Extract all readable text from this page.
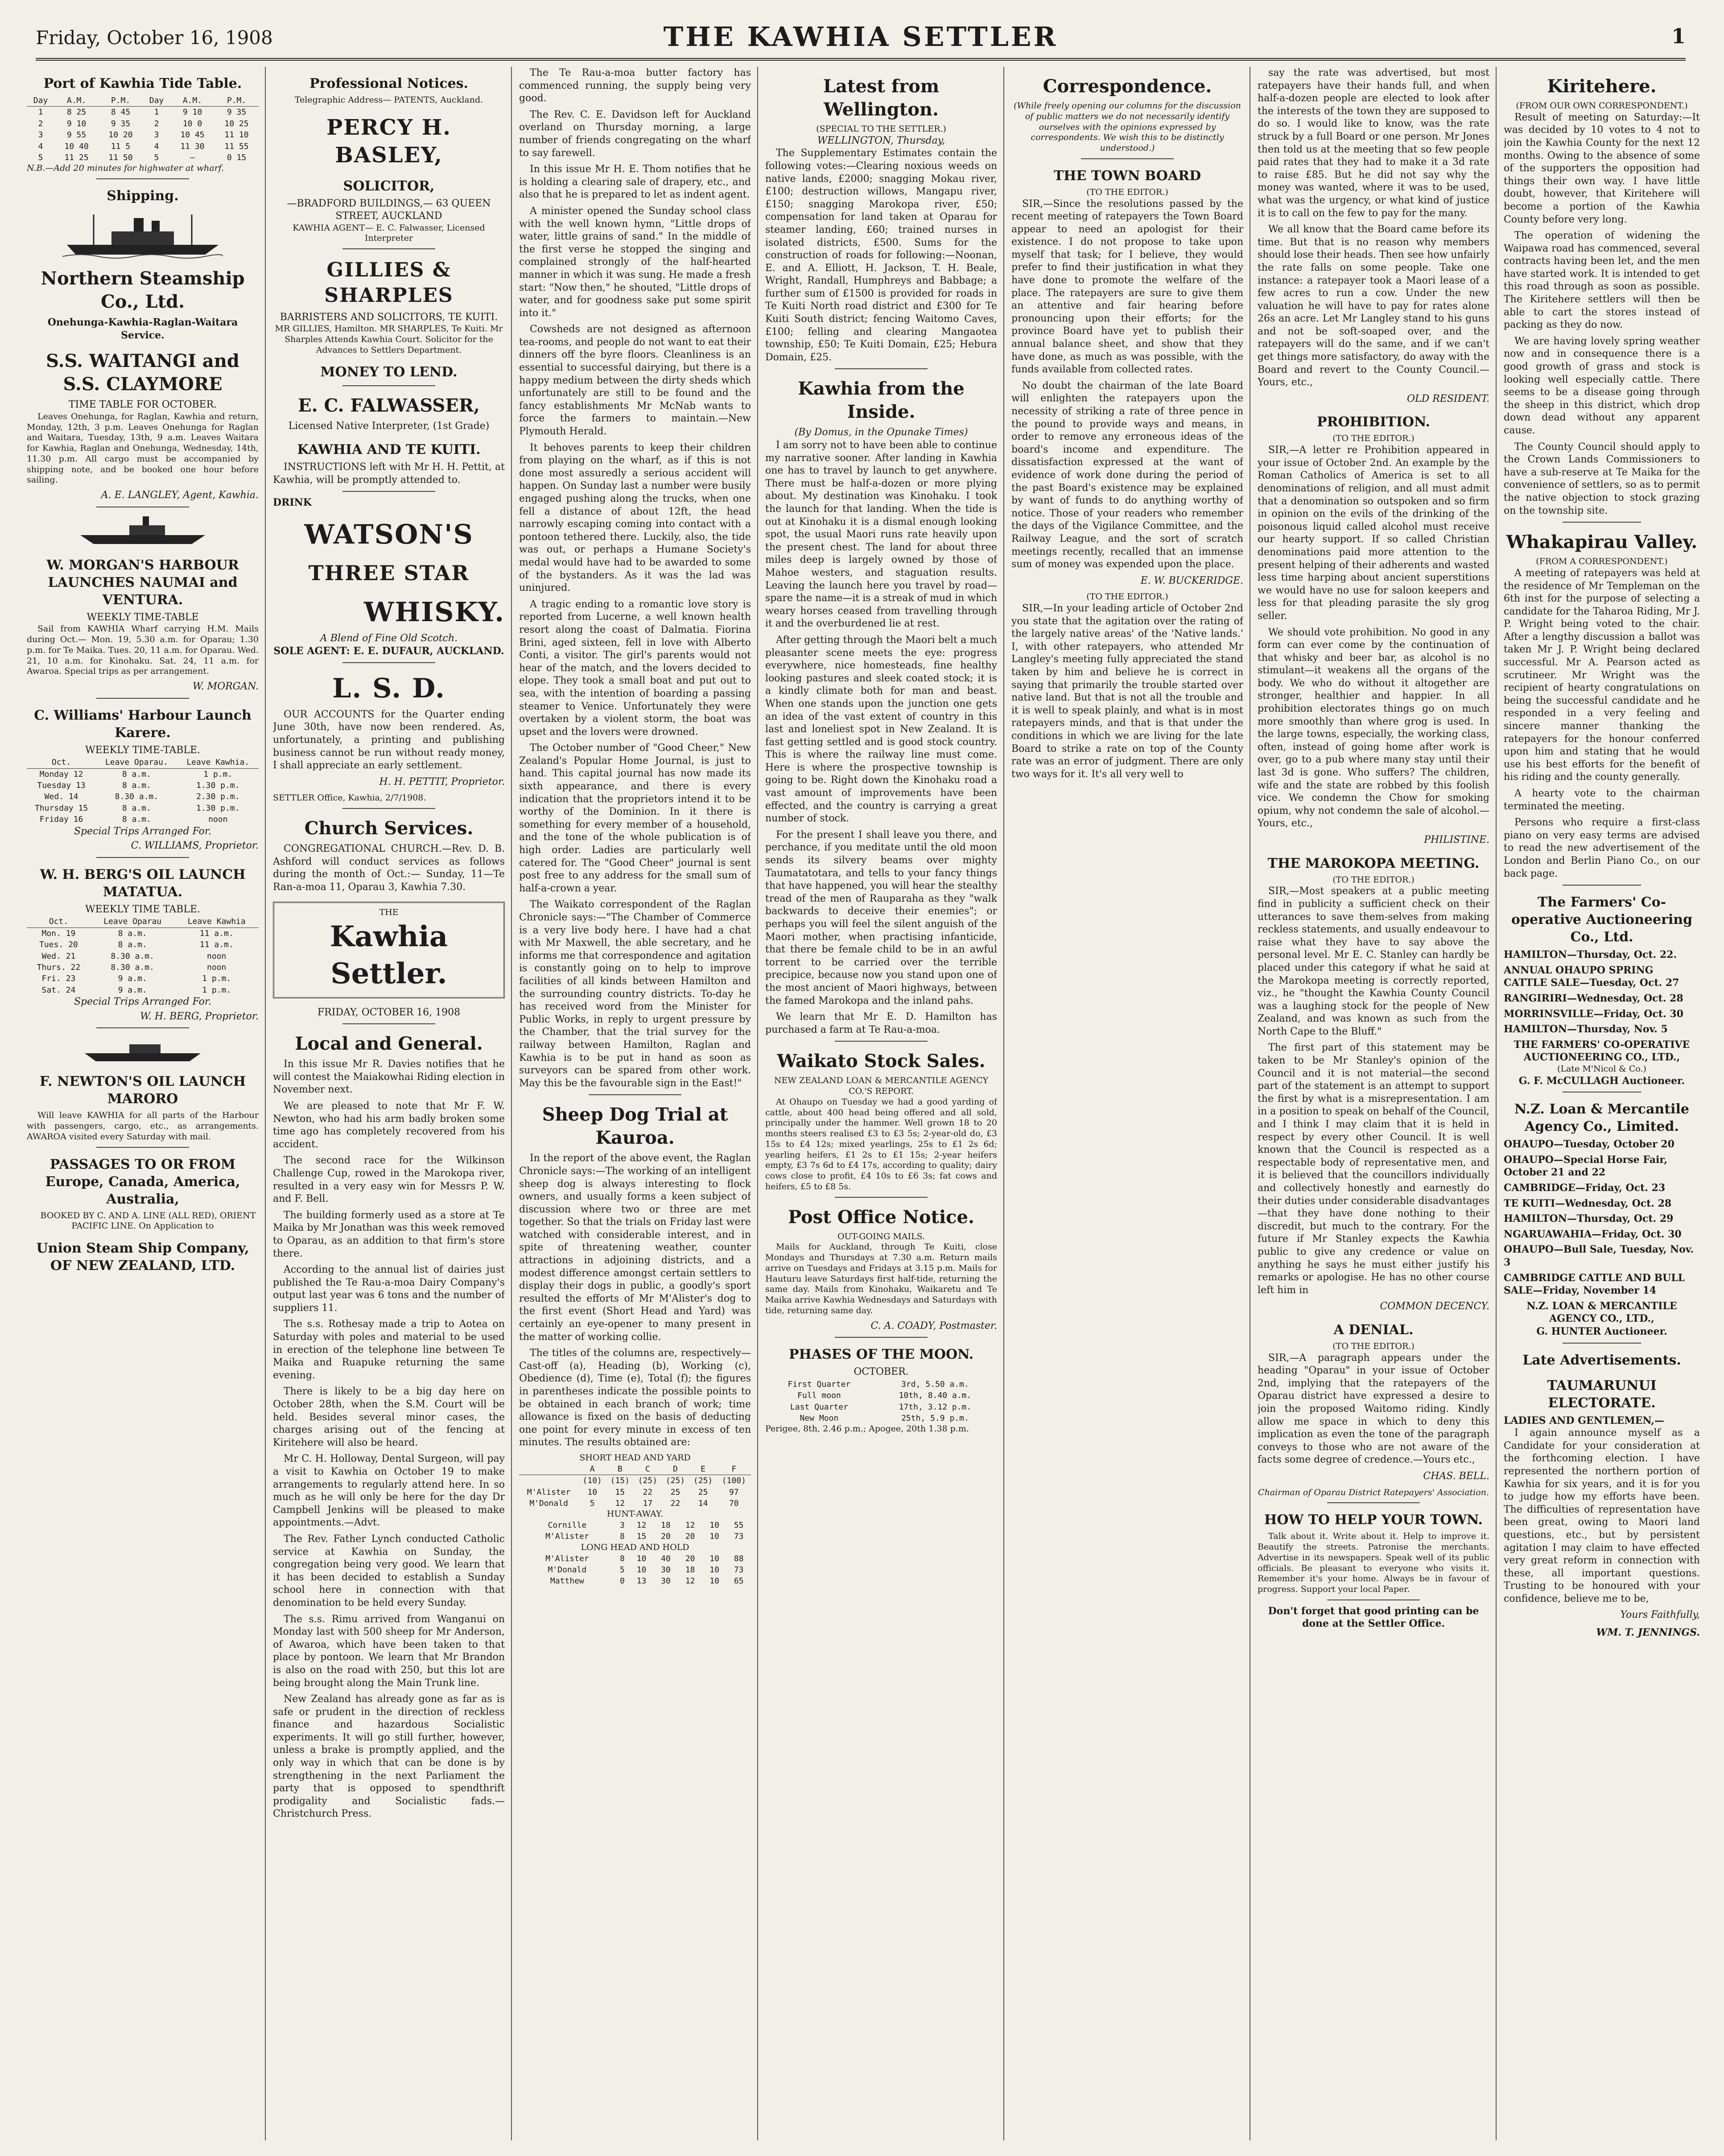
Friday, October 16, 1908	THE KAWHIA SETTLER	1
Port of Kawhia Tide Table.
Day	A.M.	P.M.	Day	A.M.	P.M.
1	8 25	8 45	1	9 10	9 35
2	9 10	9 35	2	10 0	10 25
3	9 55	10 20	3	10 45	11 10
4	10 40	11 5	4	11 30	11 55
5	11 25	11 50	5	—	0 15
N.B.—Add 20 minutes for highwater at wharf.
Shipping.
Northern Steamship Co., Ltd.
Onehunga-Kawhia-Raglan-Waitara Service.
S.S. WAITANGI and S.S. CLAYMORE
TIME TABLE FOR OCTOBER.

Leaves Onehunga, for Raglan, Kawhia and return, Monday, 12th, 3 p.m. Leaves Onehunga for Raglan and Waitara, Tuesday, 13th, 9 a.m. Leaves Waitara for Kawhia, Raglan and Onehunga, Wednesday, 14th, 11.30 p.m. All cargo must be accompanied by shipping note, and be booked one hour before sailing.

A. E. LANGLEY, Agent, Kawhia.
W. MORGAN'S HARBOUR LAUNCHES NAUMAI and VENTURA.
WEEKLY TIME-TABLE

Sail from KAWHIA Wharf carrying H.M. Mails during Oct.— Mon. 19, 5.30 a.m. for Oparau; 1.30 p.m. for Te Maika. Tues. 20, 11 a.m. for Oparau. Wed. 21, 10 a.m. for Kinohaku. Sat. 24, 11 a.m. for Awaroa. Special trips as per arrangement.

W. MORGAN.
C. Williams' Harbour Launch Karere.
WEEKLY TIME-TABLE.
Oct.	Leave Oparau.	Leave Kawhia.
Monday 12	8 a.m.	1 p.m.
Tuesday 13	8 a.m.	1.30 p.m.
Wed. 14	8.30 a.m.	2.30 p.m.
Thursday 15	8 a.m.	1.30 p.m.
Friday 16	8 a.m.	noon
Special Trips Arranged For.
C. WILLIAMS, Proprietor.
W. H. BERG'S OIL LAUNCH MATATUA.
WEEKLY TIME TABLE.
Oct.	Leave Oparau	Leave Kawhia
Mon. 19	8 a.m.	11 a.m.
Tues. 20	8 a.m.	11 a.m.
Wed. 21	8.30 a.m.	noon
Thurs. 22	8.30 a.m.	noon
Fri. 23	9 a.m.	1 p.m.
Sat. 24	9 a.m.	1 p.m.
Special Trips Arranged For.
W. H. BERG, Proprietor.
F. NEWTON'S OIL LAUNCH MARORO

Will leave KAWHIA for all parts of the Harbour with passengers, cargo, etc., as arrangements. AWAROA visited every Saturday with mail.

PASSAGES TO OR FROM Europe, Canada, America, Australia,

BOOKED BY C. AND A. LINE (ALL RED), ORIENT PACIFIC LINE. On Application to

Union Steam Ship Company, OF NEW ZEALAND, LTD.
Professional Notices.
Telegraphic Address— PATENTS, Auckland.
PERCY H. BASLEY,
SOLICITOR,
—BRADFORD BUILDINGS,— 63 QUEEN STREET, AUCKLAND
KAWHIA AGENT— E. C. Falwasser, Licensed Interpreter
GILLIES & SHARPLES
BARRISTERS AND SOLICITORS, TE KUITI.
MR GILLIES, Hamilton. MR SHARPLES, Te Kuiti. Mr Sharples Attends Kawhia Court. Solicitor for the Advances to Settlers Department.
MONEY TO LEND.
E. C. FALWASSER,
Licensed Native Interpreter, (1st Grade)
KAWHIA AND TE KUITI.

INSTRUCTIONS left with Mr H. H. Pettit, at Kawhia, will be promptly attended to.

DRINK
WATSON'S
THREE STAR
WHISKY.
A Blend of Fine Old Scotch.
SOLE AGENT: E. E. DUFAUR, AUCKLAND.
L. S. D.

OUR ACCOUNTS for the Quarter ending June 30th, have now been rendered. As, unfortunately, a printing and publishing business cannot be run without ready money, I shall appreciate an early settlement.

H. H. PETTIT, Proprietor.
SETTLER Office, Kawhia, 2/7/1908.
Church Services.

CONGREGATIONAL CHURCH.—Rev. D. B. Ashford will conduct services as follows during the month of Oct.:— Sunday, 11—Te Ran-a-moa 11, Oparau 3, Kawhia 7.30.

THE
Kawhia Settler.
FRIDAY, OCTOBER 16, 1908
Local and General.

In this issue Mr R. Davies notifies that he will contest the Maiakowhai Riding election in November next.

We are pleased to note that Mr F. W. Newton, who had his arm badly broken some time ago has completely recovered from his accident.

The second race for the Wilkinson Challenge Cup, rowed in the Marokopa river, resulted in a very easy win for Messrs P. W. and F. Bell.

The building formerly used as a store at Te Maika by Mr Jonathan was this week removed to Oparau, as an addition to that firm's store there.

According to the annual list of dairies just published the Te Rau-a-moa Dairy Company's output last year was 6 tons and the number of suppliers 11.

The s.s. Rothesay made a trip to Aotea on Saturday with poles and material to be used in erection of the telephone line between Te Maika and Ruapuke returning the same evening.

There is likely to be a big day here on October 28th, when the S.M. Court will be held. Besides several minor cases, the charges arising out of the fencing at Kiritehere will also be heard.

Mr C. H. Holloway, Dental Surgeon, will pay a visit to Kawhia on October 19 to make arrangements to regularly attend here. In so much as he will only be here for the day Dr Campbell Jenkins will be pleased to make appointments.—Advt.

The Rev. Father Lynch conducted Catholic service at Kawhia on Sunday, the congregation being very good. We learn that it has been decided to establish a Sunday school here in connection with that denomination to be held every Sunday.

The s.s. Rimu arrived from Wanganui on Monday last with 500 sheep for Mr Anderson, of Awaroa, which have been taken to that place by pontoon. We learn that Mr Brandon is also on the road with 250, but this lot are being brought along the Main Trunk line.

New Zealand has already gone as far as is safe or prudent in the direction of reckless finance and hazardous Socialistic experiments. It will go still further, however, unless a brake is promptly applied, and the only way in which that can be done is by strengthening in the next Parliament the party that is opposed to spendthrift prodigality and Socialistic fads.—Christchurch Press.

The Te Rau-a-moa butter factory has commenced running, the supply being very good.

The Rev. C. E. Davidson left for Auckland overland on Thursday morning, a large number of friends congregating on the wharf to say farewell.

In this issue Mr H. E. Thom notifies that he is holding a clearing sale of drapery, etc., and also that he is prepared to let as indent agent.

A minister opened the Sunday school class with the well known hymn, "Little drops of water, little grains of sand." In the middle of the first verse he stopped the singing and complained strongly of the half-hearted manner in which it was sung. He made a fresh start: "Now then," he shouted, "Little drops of water, and for goodness sake put some spirit into it."

Cowsheds are not designed as afternoon tea-rooms, and people do not want to eat their dinners off the byre floors. Cleanliness is an essential to successful dairying, but there is a happy medium between the dirty sheds which unfortunately are still to be found and the fancy establishments Mr McNab wants to force the farmers to maintain.—New Plymouth Herald.

It behoves parents to keep their children from playing on the wharf, as if this is not done most assuredly a serious accident will happen. On Sunday last a number were busily engaged pushing along the trucks, when one fell a distance of about 12ft, the head narrowly escaping coming into contact with a pontoon tethered there. Luckily, also, the tide was out, or perhaps a Humane Society's medal would have had to be awarded to some of the bystanders. As it was the lad was uninjured.

A tragic ending to a romantic love story is reported from Lucerne, a well known health resort along the coast of Dalmatia. Fiorina Brini, aged sixteen, fell in love with Alberto Conti, a visitor. The girl's parents would not hear of the match, and the lovers decided to elope. They took a small boat and put out to sea, with the intention of boarding a passing steamer to Venice. Unfortunately they were overtaken by a violent storm, the boat was upset and the lovers were drowned.

The October number of "Good Cheer," New Zealand's Popular Home Journal, is just to hand. This capital journal has now made its sixth appearance, and there is every indication that the proprietors intend it to be worthy of the Dominion. In it there is something for every member of a household, and the tone of the whole publication is of high order. Ladies are particularly well catered for. The "Good Cheer" journal is sent post free to any address for the small sum of half-a-crown a year.

The Waikato correspondent of the Raglan Chronicle says:—"The Chamber of Commerce is a very live body here. I have had a chat with Mr Maxwell, the able secretary, and he informs me that correspondence and agitation is constantly going on to help to improve facilities of all kinds between Hamilton and the surrounding country districts. To-day he has received word from the Minister for Public Works, in reply to urgent pressure by the Chamber, that the trial survey for the railway between Hamilton, Raglan and Kawhia is to be put in hand as soon as surveyors can be spared from other work. May this be the favourable sign in the East!"

Sheep Dog Trial at Kauroa.

In the report of the above event, the Raglan Chronicle says:—The working of an intelligent sheep dog is always interesting to flock owners, and usually forms a keen subject of discussion where two or three are met together. So that the trials on Friday last were watched with considerable interest, and in spite of threatening weather, counter attractions in adjoining districts, and a modest difference amongst certain settlers to display their dogs in public, a goodly's sport resulted the efforts of Mr M'Alister's dog to the first event (Short Head and Yard) was certainly an eye-opener to many present in the matter of working collie.

The titles of the columns are, respectively—Cast-off (a), Heading (b), Working (c), Obedience (d), Time (e), Total (f); the figures in parentheses indicate the possible points to be obtained in each branch of work; time allowance is fixed on the basis of deducting one point for every minute in excess of ten minutes. The results obtained are:

SHORT HEAD AND YARD
	A	B	C	D	E	F
	(10)	(15)	(25)	(25)	(25)	(100)
M'Alister	10	15	22	25	25	97
M'Donald	5	12	17	22	14	70
HUNT-AWAY.
Cornille	3	12	18	12	10	55
M'Alister	8	15	20	20	10	73
LONG HEAD AND HOLD
M'Alister	8	10	40	20	10	88
M'Donald	5	10	30	18	10	73
Matthew	0	13	30	12	10	65
Latest from Wellington.
(SPECIAL TO THE SETTLER.)
WELLINGTON, Thursday,

The Supplementary Estimates contain the following votes:—Clearing noxious weeds on native lands, £2000; snagging Mokau river, £100; destruction willows, Mangapu river, £150; snagging Marokopa river, £50; compensation for land taken at Oparau for steamer landing, £60; trained nurses in isolated districts, £500. Sums for the construction of roads for following:—Noonan, E. and A. Elliott, H. Jackson, T. H. Beale, Wright, Randall, Humphreys and Babbage; a further sum of £1500 is provided for roads in Te Kuiti North road district and £300 for Te Kuiti South district; fencing Waitomo Caves, £100; felling and clearing Mangaotea township, £50; Te Kuiti Domain, £25; Hebura Domain, £25.

Kawhia from the Inside.
(By Domus, in the Opunake Times)

I am sorry not to have been able to continue my narrative sooner. After landing in Kawhia one has to travel by launch to get anywhere. There must be half-a-dozen or more plying about. My destination was Kinohaku. I took the launch for that landing. When the tide is out at Kinohaku it is a dismal enough looking spot, the usual Maori runs rate heavily upon the present chest. The land for about three miles deep is largely owned by those of Mahoe westers, and staguation results. Leaving the launch here you travel by road—spare the name—it is a streak of mud in which weary horses ceased from travelling through it and the overburdened lie at rest.

After getting through the Maori belt a much pleasanter scene meets the eye: progress everywhere, nice homesteads, fine healthy looking pastures and sleek coated stock; it is a kindly climate both for man and beast. When one stands upon the junction one gets an idea of the vast extent of country in this last and loneliest spot in New Zealand. It is fast getting settled and is good stock country. This is where the railway line must come. Here is where the prospective township is going to be. Right down the Kinohaku road a vast amount of improvements have been effected, and the country is carrying a great number of stock.

For the present I shall leave you there, and perchance, if you meditate until the old moon sends its silvery beams over mighty Taumatatotara, and tells to your fancy things that have happened, you will hear the stealthy tread of the men of Rauparaha as they "walk backwards to deceive their enemies"; or perhaps you will feel the silent anguish of the Maori mother, when practising infanticide, that there be female child to be in an awful torrent to be carried over the terrible precipice, because now you stand upon one of the most ancient of Maori highways, between the famed Marokopa and the inland pahs.

We learn that Mr E. D. Hamilton has purchased a farm at Te Rau-a-moa.

Waikato Stock Sales.
NEW ZEALAND LOAN & MERCANTILE AGENCY CO.'S REPORT.

At Ohaupo on Tuesday we had a good yarding of cattle, about 400 head being offered and all sold, principally under the hammer. Well grown 18 to 20 months steers realised £3 to £3 5s; 2-year-old do, £3 15s to £4 12s; mixed yearlings, 25s to £1 2s 6d; yearling heifers, £1 2s to £1 15s; 2-year heifers empty, £3 7s 6d to £4 17s, according to quality; dairy cows close to profit, £4 10s to £6 3s; fat cows and heifers, £5 to £8 5s.

Post Office Notice.
OUT-GOING MAILS.

Mails for Auckland, through Te Kuiti, close Mondays and Thursdays at 7.30 a.m. Return mails arrive on Tuesdays and Fridays at 3.15 p.m. Mails for Hauturu leave Saturdays first half-tide, returning the same day. Mails from Kinohaku, Waikaretu and Te Maika arrive Kawhia Wednesdays and Saturdays with tide, returning same day.

C. A. COADY, Postmaster.
PHASES OF THE MOON.
OCTOBER.
First Quarter	3rd, 5.50 a.m.
Full moon	10th, 8.40 a.m.
Last Quarter	17th, 3.12 p.m.
New Moon	25th, 5.9 p.m.
Perigee, 8th, 2.46 p.m.; Apogee, 20th 1.38 p.m.
Correspondence.
(While freely opening our columns for the discussion of public matters we do not necessarily identify ourselves with the opinions expressed by correspondents. We wish this to be distinctly understood.)
THE TOWN BOARD
(TO THE EDITOR.)

SIR,—Since the resolutions passed by the recent meeting of ratepayers the Town Board appear to need an apologist for their existence. I do not propose to take upon myself that task; for I believe, they would prefer to find their justification in what they have done to promote the welfare of the place. The ratepayers are sure to give them an attentive and fair hearing before pronouncing upon their efforts; for the province Board have yet to publish their annual balance sheet, and show that they have done, as much as was possible, with the funds available from collected rates.

No doubt the chairman of the late Board will enlighten the ratepayers upon the necessity of striking a rate of three pence in the pound to provide ways and means, in order to remove any erroneous ideas of the board's income and expenditure. The dissatisfaction expressed at the want of evidence of work done during the period of the past Board's existence may be explained by want of funds to do anything worthy of notice. Those of your readers who remember the days of the Vigilance Committee, and the Railway League, and the sort of scratch meetings recently, recalled that an immense sum of money was expended upon the place.

E. W. BUCKERIDGE.
(TO THE EDITOR.)

SIR,—In your leading article of October 2nd you state that the agitation over the rating of the largely native areas' of the 'Native lands.' I, with other ratepayers, who attended Mr Langley's meeting fully appreciated the stand taken by him and believe he is correct in saying that primarily the trouble started over native land. But that is not all the trouble and it is well to speak plainly, and what is in most ratepayers minds, and that is that under the conditions in which we are living for the late Board to strike a rate on top of the County rate was an error of judgment. There are only two ways for it. It's all very well to

say the rate was advertised, but most ratepayers have their hands full, and when half-a-dozen people are elected to look after the interests of the town they are supposed to do so. I would like to know, was the rate struck by a full Board or one person. Mr Jones then told us at the meeting that so few people paid rates that they had to make it a 3d rate to raise £85. But he did not say why the money was wanted, where it was to be used, what was the urgency, or what kind of justice it is to call on the few to pay for the many.

We all know that the Board came before its time. But that is no reason why members should lose their heads. Then see how unfairly the rate falls on some people. Take one instance: a ratepayer took a Maori lease of a few acres to run a cow. Under the new valuation he will have to pay for rates alone 26s an acre. Let Mr Langley stand to his guns and not be soft-soaped over, and the ratepayers will do the same, and if we can't get things more satisfactory, do away with the Board and revert to the County Council.—Yours, etc.,

OLD RESIDENT.
PROHIBITION.
(TO THE EDITOR.)

SIR,—A letter re Prohibition appeared in your issue of October 2nd. An example by the Roman Catholics of America is set to all denominations of religion, and all must admit that a denomination so outspoken and so firm in opinion on the evils of the drinking of the poisonous liquid called alcohol must receive our hearty support. If so called Christian denominations paid more attention to the present helping of their adherents and wasted less time harping about ancient superstitions we would have no use for saloon keepers and less for that pleading parasite the sly grog seller.

We should vote prohibition. No good in any form can ever come by the continuation of that whisky and beer bar, as alcohol is no stimulant—it weakens all the organs of the body. We who do without it altogether are stronger, healthier and happier. In all prohibition electorates things go on much more smoothly than where grog is used. In the large towns, especially, the working class, often, instead of going home after work is over, go to a pub where many stay until their last 3d is gone. Who suffers? The children, wife and the state are robbed by this foolish vice. We condemn the Chow for smoking opium, why not condemn the sale of alcohol.—Yours, etc.,

PHILISTINE.
THE MAROKOPA MEETING.
(TO THE EDITOR.)

SIR,—Most speakers at a public meeting find in publicity a sufficient check on their utterances to save them-selves from making reckless statements, and usually endeavour to raise what they have to say above the personal level. Mr E. C. Stanley can hardly be placed under this category if what he said at the Marokopa meeting is correctly reported, viz., he "thought the Kawhia County Council was a laughing stock for the people of New Zealand, and was known as such from the North Cape to the Bluff."

The first part of this statement may be taken to be Mr Stanley's opinion of the Council and it is not material—the second part of the statement is an attempt to support the first by what is a misrepresentation. I am in a position to speak on behalf of the Council, and I think I may claim that it is held in respect by every other Council. It is well known that the Council is respected as a respectable body of representative men, and it is believed that the councillors individually and collectively honestly and earnestly do their duties under considerable disadvantages—that they have done nothing to their discredit, but much to the contrary. For the future if Mr Stanley expects the Kawhia public to give any credence or value on anything he says he must either justify his remarks or apologise. He has no other course left him in

COMMON DECENCY.
A DENIAL.
(TO THE EDITOR.)

SIR,—A paragraph appears under the heading "Oparau" in your issue of October 2nd, implying that the ratepayers of the Oparau district have expressed a desire to join the proposed Waitomo riding. Kindly allow me space in which to deny this implication as even the tone of the paragraph conveys to those who are not aware of the facts some degree of credence.—Yours etc.,

CHAS. BELL.
Chairman of Oparau District Ratepayers' Association.
HOW TO HELP YOUR TOWN.

Talk about it. Write about it. Help to improve it. Beautify the streets. Patronise the merchants. Advertise in its newspapers. Speak well of its public officials. Be pleasant to everyone who visits it. Remember it's your home. Always be in favour of progress. Support your local Paper.

Don't forget that good printing can be done at the Settler Office.
Kiritehere.
(FROM OUR OWN CORRESPONDENT.)

Result of meeting on Saturday:—It was decided by 10 votes to 4 not to join the Kawhia County for the next 12 months. Owing to the absence of some of the supporters the opposition had things their own way. I have little doubt, however, that Kiritehere will become a portion of the Kawhia County before very long.

The operation of widening the Waipawa road has commenced, several contracts having been let, and the men have started work. It is intended to get this road through as soon as possible. The Kiritehere settlers will then be able to cart the stores instead of packing as they do now.

We are having lovely spring weather now and in consequence there is a good growth of grass and stock is looking well especially cattle. There seems to be a disease going through the sheep in this district, which drop down dead without any apparent cause.

The County Council should apply to the Crown Lands Commissioners to have a sub-reserve at Te Maika for the convenience of settlers, so as to permit the native objection to stock grazing on the township site.

Whakapirau Valley.
(FROM A CORRESPONDENT.)

A meeting of ratepayers was held at the residence of Mr Templeman on the 6th inst for the purpose of selecting a candidate for the Taharoa Riding, Mr J. P. Wright being voted to the chair. After a lengthy discussion a ballot was taken Mr J. P. Wright being declared successful. Mr A. Pearson acted as scrutineer. Mr Wright was the recipient of hearty congratulations on being the successful candidate and he responded in a very feeling and sincere manner thanking the ratepayers for the honour conferred upon him and stating that he would use his best efforts for the benefit of his riding and the county generally.

A hearty vote to the chairman terminated the meeting.

Persons who require a first-class piano on very easy terms are advised to read the new advertisement of the London and Berlin Piano Co., on our back page.

The Farmers' Co-operative Auctioneering Co., Ltd.
HAMILTON—Thursday, Oct. 22.
ANNUAL OHAUPO SPRING CATTLE SALE—Tuesday, Oct. 27
RANGIRIRI—Wednesday, Oct. 28
MORRINSVILLE—Friday, Oct. 30
HAMILTON—Thursday, Nov. 5
THE FARMERS' CO-OPERATIVE AUCTIONEERING CO., LTD.,
(Late M'Nicol & Co.)
G. F. McCULLAGH Auctioneer.
N.Z. Loan & Mercantile Agency Co., Limited.
OHAUPO—Tuesday, October 20
OHAUPO—Special Horse Fair, October 21 and 22
CAMBRIDGE—Friday, Oct. 23
TE KUITI—Wednesday, Oct. 28
HAMILTON—Thursday, Oct. 29
NGARUAWAHIA—Friday, Oct. 30
OHAUPO—Bull Sale, Tuesday, Nov. 3
CAMBRIDGE CATTLE AND BULL SALE—Friday, November 14
N.Z. LOAN & MERCANTILE AGENCY CO., LTD.,
G. HUNTER Auctioneer.
Late Advertisements.
TAUMARUNUI ELECTORATE.
LADIES AND GENTLEMEN,—

I again announce myself as a Candidate for your consideration at the forthcoming election. I have represented the northern portion of Kawhia for six years, and it is for you to judge how my efforts have been. The difficulties of representation have been great, owing to Maori land questions, etc., but by persistent agitation I may claim to have effected very great reform in connection with these, all important questions. Trusting to be honoured with your confidence, believe me to be,

Yours Faithfully,
WM. T. JENNINGS.
